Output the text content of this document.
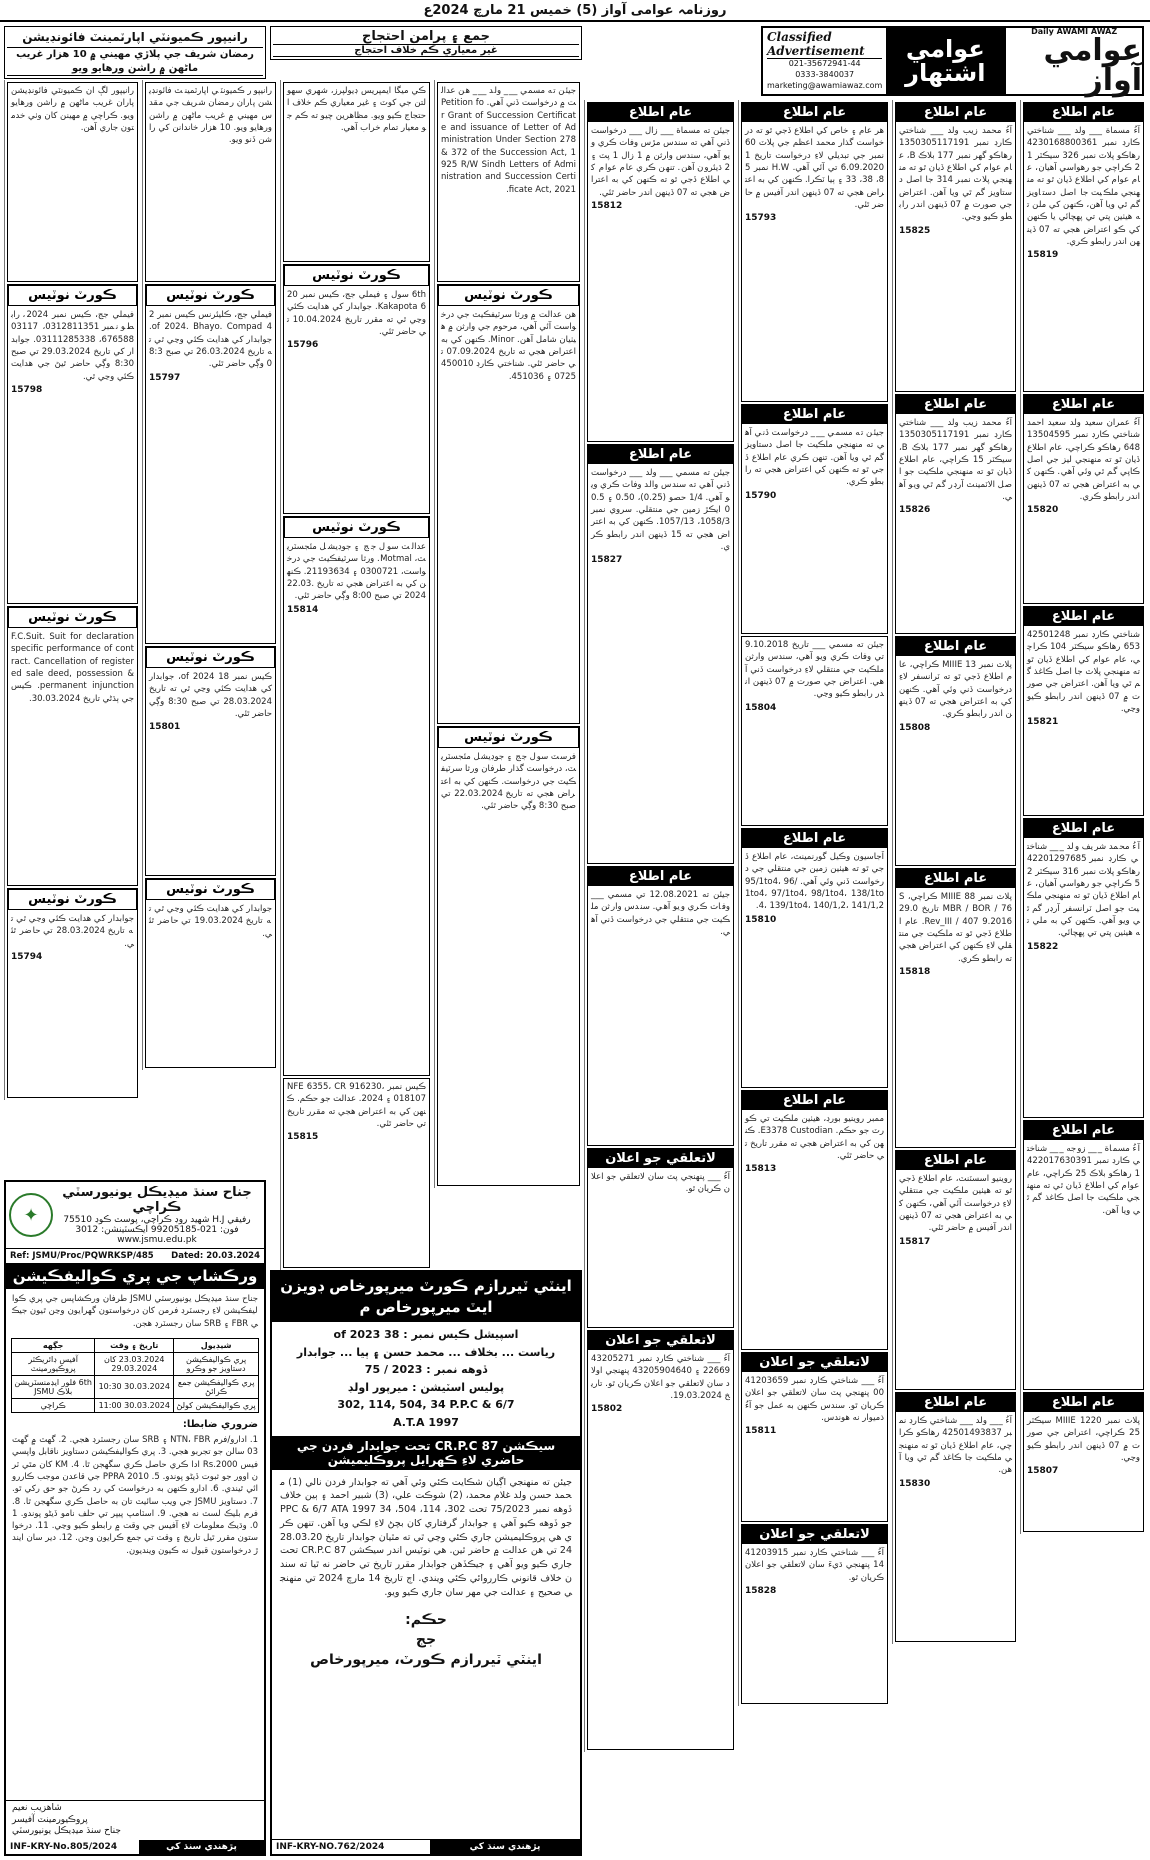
روزنامہ عوامی آواز (5) خميس 21 مارچ 2024ع
Daily AWAMI AWAZ
عوامي آواز
عوامي
اشتهار
Classified Advertisement
021-35672941-44
0333-3840037
marketing@awamiawaz.com
جمع ۽ پرامن احتجاج
غير معياري ڪم خلاف احتجاج
رانيپور ڪميونٽي اپارٽمينٽ فائونڊيشن
رمضان شريف جي پلاڙي مهيني ۾ 10 هزار غريب ماڻهن ۾ راشن ورهايو ويو
عام اطلاع
آءُ مسماة ___ ولد ___ شناختي ڪارڊ نمبر 4230168800361 رهاڪو پلاٽ نمبر 326 سيڪٽر 12 ڪراچي جو رهواسي آهيان، عام عوام کي اطلاع ڏيان ٿو ته منهنجي ملڪيت جا اصل دستاويز گم ٿي ويا آهن، ڪنهن کي ملن ته هيٺين پتي تي پهچائي يا ڪنهن کي ڪو اعتراض هجي ته 07 ڏينهن اندر رابطو ڪري.
15819
عام اطلاع
آءُ عمران سعيد ولد سعيد احمد شناختي ڪارڊ نمبر 13504595648 رهاڪو ڪراچي، عام اطلاع ڏيان ٿو ته منهنجي ليز جي اصل ڪاپي گم ٿي وئي آهي. ڪنهن کي به اعتراض هجي ته 07 ڏينهن اندر رابطو ڪري.
15820
عام اطلاع
شناختي ڪارڊ نمبر 42501248653 رهاڪو سيڪٽر 104 ڪراچي، عام عوام کي اطلاع ڏيان ٿو ته منهنجي پلاٽ جا اصل ڪاغذ گم ٿي ويا آهن. اعتراض جي صورت ۾ 07 ڏينهن اندر رابطو ڪيو وڃي.
15821
عام اطلاع
آءُ محمد شريف ولد ___ شناختي ڪارڊ نمبر 42201297685 رهاڪو پلاٽ نمبر 316 سيڪٽر 25 ڪراچي جو رهواسي آهيان، عام اطلاع ڏيان ٿو ته منهنجي ملڪيت جو اصل ٽرانسفر آرڊر گم ٿي ويو آهي. ڪنهن کي به ملي ته هيٺين پتي تي پهچائي.
15822
عام اطلاع
آءُ مسماة ___ زوجه ___ شناختي ڪارڊ نمبر 4220176303911 رهاڪو بلاڪ 25 ڪراچي، عام عوام کي اطلاع ڏيان ٿي ته منهنجي ملڪيت جا اصل ڪاغذ گم ٿي ويا آهن.
عام اطلاع
پلاٽ نمبر MIIIE 1220 سيڪٽر 25 ڪراچي، اعتراض جي صورت ۾ 07 ڏينهن اندر رابطو ڪيو وڃي.
15807
عام اطلاع
آءُ محمد زيب ولد ___ شناختي ڪارڊ نمبر 1350305117191 رهاڪو گهر نمبر 177 بلاڪ B، عام عوام کي اطلاع ڏيان ٿو ته منهنجي پلاٽ نمبر 314 جا اصل دستاويز گم ٿي ويا آهن. اعتراض جي صورت ۾ 07 ڏينهن اندر رابطو ڪيو وڃي.
15825
عام اطلاع
آءُ محمد زيب ولد ___ شناختي ڪارڊ نمبر 1350305117191 رهاڪو گهر نمبر 177 بلاڪ B، سيڪٽر 15 ڪراچي، عام اطلاع ڏيان ٿو ته منهنجي ملڪيت جو اصل الاٽمينٽ آرڊر گم ٿي ويو آهي.
15826
عام اطلاع
پلاٽ نمبر MIIIE 13 ڪراچي، عام اطلاع ڏجي ٿو ته ٽرانسفر لاءِ درخواست ڏني وئي آهي. ڪنهن کي به اعتراض هجي ته 07 ڏينهن اندر رابطو ڪري.
15808
عام اطلاع
پلاٽ نمبر MIIIE 88 ڪراچي، SMBR / BOR / 76 تاريخ 29.09.2016 Rev_III / 407. عام اطلاع ڏجي ٿو ته ملڪيت جي منتقلي لاءِ ڪنهن کي اعتراض هجي ته رابطو ڪري.
15818
عام اطلاع
روينيو اسسٽنٽ، عام اطلاع ڏجي ٿو ته هيٺين ملڪيت جي منتقلي لاءِ درخواست آئي آهي، ڪنهن کي به اعتراض هجي ته 07 ڏينهن اندر آفيس ۾ حاضر ٿئي.
15817
عام اطلاع
آءُ ___ ولد ___ شناختي ڪارڊ نمبر 42501493837 رهاڪو ڪراچي، عام اطلاع ڏيان ٿو ته منهنجي ملڪيت جا ڪاغذ گم ٿي ويا آهن.
15830
عام اطلاع
هر عام ۽ خاص کي اطلاع ڏجي ٿو ته درخواست گذار محمد اعظم جي پلاٽ 60 نمبر جي تبديلي لاءِ درخواست تاريخ 16.09.2020 تي آئي آهي. H.W نمبر 58، 38، 33 ۽ ٻيا ٽڪرا. ڪنهن کي به اعتراض هجي ته 07 ڏينهن اندر آفيس ۾ حاضر ٿئي.
15793
عام اطلاع
جيئن ته مسمي ___ درخواست ڏني آهي ته منهنجي ملڪيت جا اصل دستاويز گم ٿي ويا آهن. تنهن ڪري عام اطلاع ڏجي ٿو ته ڪنهن کي اعتراض هجي ته رابطو ڪري.
15790
جيئن ته مسمي ___ تاريخ 9.10.2018 تي وفات ڪري ويو آهي، سندس وارثن ملڪيت جي منتقلي لاءِ درخواست ڏني آهي. اعتراض جي صورت ۾ 07 ڏينهن اندر رابطو ڪيو وڃي.
15804
عام اطلاع
اَجاسيون وڪيل گورنمينٽ، عام اطلاع ڏجي ٿو ته هيٺين زمين جي منتقلي جي درخواست ڏني وئي آهي. 95/1to4، 96/1to4، 97/1to4، 98/1to4، 138/1to4، 139/1to4، 140/1,2، 141/1,2.
15810
عام اطلاع
ممبر روينيو بورڊ، هيٺين ملڪيت تي ڪورٽ جو حڪم. E3378 Custodian. ڪنهن کي به اعتراض هجي ته مقرر تاريخ تي حاضر ٿئي.
15813
لاتعلقي جو اعلان
آءُ ___ شناختي ڪارڊ نمبر 4120365900 پنهنجي پٽ سان لاتعلقي جو اعلان ڪريان ٿو. سندس ڪنهن به عمل جو آءُ ذميوار نه هوندس.
15811
لاتعلقي جو اعلان
آءُ ___ شناختي ڪارڊ نمبر 4120391514 پنهنجي ڌيءَ سان لاتعلقي جو اعلان ڪريان ٿو.
15828
عام اطلاع
جيئن ته مسماة ___ زال ___ درخواست ڏني آهي ته سندس مڙس وفات ڪري ويو آهي، سندس وارثن ۾ 1 زال 1 پٽ ۽ 2 ڌيئرون آهن. تنهن ڪري عام عوام کي اطلاع ڏجي ٿو ته ڪنهن کي به اعتراض هجي ته 07 ڏينهن اندر حاضر ٿئي.
15812
عام اطلاع
جيئن ته مسمي ___ ولد ___ درخواست ڏني آهي ته سندس والد وفات ڪري ويو آهي. 1/4 حصو (0.25)، 0.50 ۽ 0.50 ايڪڙ زمين جي منتقلي. سروي نمبر 1058/3، 1057/13. ڪنهن کي به اعتراض هجي ته 15 ڏينهن اندر رابطو ڪري.
15827
عام اطلاع
جيئن ته 12.08.2021 تي مسمي ___ وفات ڪري ويو آهي. سندس وارثن ملڪيت جي منتقلي جي درخواست ڏني آهي.
لاتعلقي جو اعلان
آءُ ___ پنهنجي پٽ سان لاتعلقي جو اعلان ڪريان ٿو.
لاتعلقي جو اعلان
آءُ ___ شناختي ڪارڊ نمبر 4320527122669 ۽ 43205904640 پنهنجي اولاد سان لاتعلقي جو اعلان ڪريان ٿو. تاريخ 19.03.2024.
15802
جيئن ته مسمي ___ ولد ___ هن عدالت ۾ درخواست ڏني آهي. Petition for Grant of Succession Certificate and issuance of Letter of Administration Under Section 278 & 372 of the Succession Act, 1925 R/W Sindh Letters of Administration and Succession Certificate Act, 2021.
ڪورٽ نوٽيس
هن عدالت ۾ ورثا سرٽيفڪيٽ جي درخواست آئي آهي، مرحوم جي وارثن ۾ هيٺيان شامل آهن. Minor. ڪنهن کي به اعتراض هجي ته تاريخ 07.09.2024 تي حاضر ٿئي. شناختي ڪارڊ 4500100725 ۽ 451036.
ڪورٽ نوٽيس
فرسٽ سول جج ۽ جوڊيشل مئجسٽريٽ، درخواست گذار طرفان ورثا سرٽيفڪيٽ جي درخواست. ڪنهن کي به اعتراض هجي ته تاريخ 22.03.2024 تي صبح 8:30 وڳي حاضر ٿئي.
ڪي ميگا ايمپريس ڊيولپرز، شهري سهولتن جي کوٽ ۽ غير معياري ڪم خلاف احتجاج ڪيو ويو. مظاهرين چيو ته ڪم جو معيار تمام خراب آهي.
ڪورٽ نوٽيس
6th سول ۽ فيملي جج، ڪيس نمبر 206 Kakapota. جوابدار کي هدايت ڪئي وڃي ٿي ته مقرر تاريخ 10.04.2024 تي حاضر ٿئي.
15796
ڪورٽ نوٽيس
عدالت سول جج ۽ جوڊيشل مئجسٽريٽ، Motmal. ورثا سرٽيفڪيٽ جي درخواست، 0300721 ۽ 21193634. ڪنهن کي به اعتراض هجي ته تاريخ 22.03.2024 تي صبح 8:00 وڳي حاضر ٿئي.
15814
ڪيس نمبر NFE 6355، CR 916230، 018107 ۽ 2024. عدالت جو حڪم. ڪنهن کي به اعتراض هجي ته مقرر تاريخ تي حاضر ٿئي.
15815
رانيپور ڪميونٽي اپارٽمينٽ فائونڊيشن پاران رمضان شريف جي مقدس مهيني ۾ غريب ماڻهن ۾ راشن ورهايو ويو. 10 هزار خاندانن کي راشن ڏنو ويو.
ڪورٽ نوٽيس
فيملي جج، ڪليئرنس ڪيس نمبر 24 of 2024. Bhayo. Compad. جوابدار کي هدايت ڪئي وڃي ٿي ته تاريخ 26.03.2024 تي صبح 8:30 وڳي حاضر ٿئي.
15797
ڪورٽ نوٽيس
ڪيس نمبر 18 of 2024، جوابدار کي هدايت ڪئي وڃي ٿي ته تاريخ 28.03.2024 تي صبح 8:30 وڳي حاضر ٿئي.
15801
ڪورٽ نوٽيس
جوابدار کي هدايت ڪئي وڃي ٿي ته تاريخ 19.03.2024 تي حاضر ٿئي.
رانيپور لڳ ان ڪميونٽي فائونڊيشن پاران غريب ماڻهن ۾ راشن ورهايو ويو. ڪراچي ۾ مهينن کان وٺي خدمتون جاري آهن.
ڪورٽ نوٽيس
فيملي جج، ڪيس نمبر 2024، رابطو نمبر 0312811351، 03117676588، 03111285338. جوابدار کي تاريخ 29.03.2024 تي صبح 8:30 وڳي حاضر ٿيڻ جي هدايت ڪئي وڃي ٿي.
15798
ڪورٽ نوٽيس
F.C.Suit. Suit for declaration specific performance of contract. Cancellation of registered sale deed, possession & permanent injunction. ڪيس جي ٻڌڻي تاريخ 30.03.2024.
ڪورٽ نوٽيس
جوابدار کي هدايت ڪئي وڃي ٿي ته تاريخ 28.03.2024 تي حاضر ٿئي.
15794
جناح سنڌ ميڊيڪل يونيورسٽي ڪراچي
رفيقي H.J شهيد روڊ ڪراچي، پوسٽ ڪوڊ 75510
فون: 021-99205185 ايڪسٽينشن: 3012
www.jsmu.edu.pk
✦
Ref: JSMU/Proc/PQWRKSP/485 Dated: 20.03.2024
ورڪشاپ جي پري ڪواليفڪيشن
جناح سنڌ ميڊيڪل يونيورسٽي JSMU طرفان ورڪشاپس جي پري ڪواليفڪيشن لاءِ رجسٽرڊ فرمن کان درخواستون گهرايون وڃن ٿيون جيڪي FBR ۽ SRB سان رجسٽرڊ هجن.
شيڊيول	تاريخ ۽ وقت	جڳهه
پري ڪواليفڪيشن دستاويز جو وڪرو	23.03.2024 کان 29.03.2024	آفيس ڊائريڪٽر پروڪيورمينٽ
پري ڪواليفڪيشن جمع ڪرائڻ	30.03.2024 10:30	6th فلور ايڊمنسٽريشن بلاڪ JSMU
پري ڪواليفڪيشن کولڻ	30.03.2024 11:00	ڪراچي
ضروري ضابطا:
1. ادارو/فرم NTN، FBR ۽ SRB سان رجسٽرڊ هجي. 2. گهٽ ۾ گهٽ 03 سالن جو تجربو هجي. 3. پري ڪواليفڪيشن دستاويز ناقابل واپسي فيس Rs.2000 ادا ڪري حاصل ڪري سگهجن ٿا. 4. KM کان مٿي ٽرن اوور جو ثبوت ڏيڻو پوندو. 5. PPRA 2010 جي قاعدن موجب ڪارروائي ٿيندي. 6. ادارو ڪنهن به درخواست کي رد ڪرڻ جو حق رکي ٿو. 7. دستاويز JSMU جي ويب سائيٽ تان به حاصل ڪري سگهجن ٿا. 8. فرم بليڪ لسٽ نه هجي. 9. اسٽامپ پيپر تي حلف نامو ڏيڻو پوندو. 10. وڌيڪ معلومات لاءِ آفيس جي وقت ۾ رابطو ڪيو وڃي. 11. درخواستون مقرر ٿيل تاريخ ۽ وقت تي جمع ڪرايون وڃن. 12. دير سان ايندڙ درخواستون قبول نه ڪيون وينديون.
شاهزيب نعيم
پروڪيورمينٽ آفيسر
جناح سنڌ ميڊيڪل يونيورسٽي
INF-KRY-No.805/2024	پڙهندي سنڌ کي
اينٽي ٽيررازم ڪورٽ ميرپورخاص ڊويزن ايٽ ميرپورخاص م
اسپيشل ڪيس نمبر : 38 of 2023
رياست ... بخلاف ... محمد حسن ۽ ٻيا ... جوابدار
ڏوهه نمبر : 2023 / 75
پوليس اسٽيشن : ميرپور اولڊ
302, 114, 504, 34 P.P.C & 6/7
A.T.A 1997
سيڪشن 87 CR.P.C تحت جوابدار فردن جي حاضري لاءِ ڪهرايل پروڪليميشن
جيئن ته منهنجي اڳيان شڪايت ڪئي وئي آهي ته جوابدار فردن نالي (1) محمد حسن ولد غلام محمد، (2) شوڪت علي، (3) شبير احمد ۽ ٻين خلاف ڏوهه نمبر 75/2023 تحت 302، 114، 504، 34 PPC & 6/7 ATA 1997 جو ڏوهه ڪيو آهي ۽ جوابدار گرفتاري کان بچڻ لاءِ لڪي ويا آهن. تنهن ڪري هي پروڪليميشن جاري ڪئي وڃي ٿي ته مٿيان جوابدار تاريخ 28.03.2024 تي هن عدالت ۾ حاضر ٿين. هي نوٽيس اندر سيڪشن 87 CR.P.C تحت جاري ڪيو ويو آهي ۽ جيڪڏهن جوابدار مقرر تاريخ تي حاضر نه ٿيا ته سندن خلاف قانوني ڪارروائي ڪئي ويندي. اڄ تاريخ 14 مارچ 2024 تي منهنجي صحيح ۽ عدالت جي مهر سان جاري ڪيو ويو.
حڪم:
جج
اينٽي ٽيررازم ڪورٽ، ميرپورخاص
INF-KRY-NO.762/2024	پڙهندي سنڌ کي
